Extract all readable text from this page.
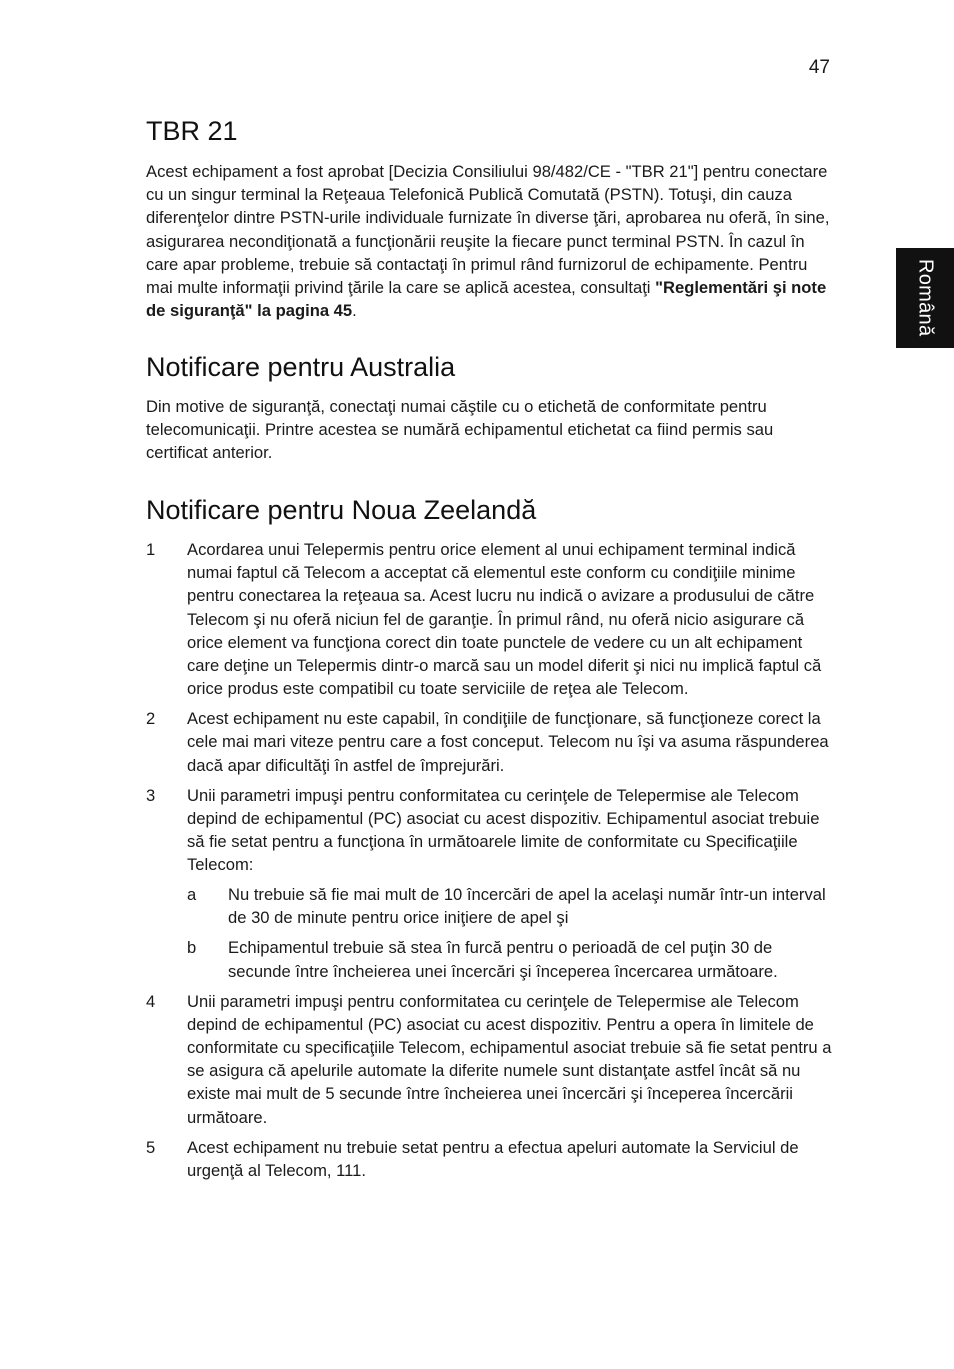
47
Română
TBR 21

Acest echipament a fost aprobat [Decizia Consiliului 98/482/CE - "TBR 21"] pentru conectare cu un singur terminal la Reţeaua Telefonică Publică Comutată (PSTN). Totuşi, din cauza diferenţelor dintre PSTN-urile individuale furnizate în diverse ţări, aprobarea nu oferă, în sine, asigurarea necondiţionată a funcţionării reuşite la fiecare punct terminal PSTN. În cazul în care apar probleme, trebuie să contactaţi în primul rând furnizorul de echipamente. Pentru mai multe informaţii privind ţările la care se aplică acestea, consultaţi "Reglementări şi note de siguranţă" la pagina 45.

Notificare pentru Australia

Din motive de siguranţă, conectaţi numai căştile cu o etichetă de conformitate pentru telecomunicaţii. Printre acestea se numără echipamentul etichetat ca fiind permis sau certificat anterior.

Notificare pentru Noua Zeelandă
1	Acordarea unui Telepermis pentru orice element al unui echipament terminal indică numai faptul că Telecom a acceptat că elementul este conform cu condiţiile minime pentru conectarea la reţeaua sa. Acest lucru nu indică o avizare a produsului de către Telecom şi nu oferă niciun fel de garanţie. În primul rând, nu oferă nicio asigurare că orice element va funcţiona corect din toate punctele de vedere cu un alt echipament care deţine un Telepermis dintr-o marcă sau un model diferit şi nici nu implică faptul că orice produs este compatibil cu toate serviciile de reţea ale Telecom.
2	Acest echipament nu este capabil, în condiţiile de funcţionare, să funcţioneze corect la cele mai mari viteze pentru care a fost conceput. Telecom nu îşi va asuma răspunderea dacă apar dificultăţi în astfel de împrejurări.
3	Unii parametri impuşi pentru conformitatea cu cerinţele de Telepermise ale Telecom depind de echipamentul (PC) asociat cu acest dispozitiv. Echipamentul asociat trebuie să fie setat pentru a funcţiona în următoarele limite de conformitate cu Specificaţiile Telecom:
a	Nu trebuie să fie mai mult de 10 încercări de apel la acelaşi număr într-un interval de 30 de minute pentru orice iniţiere de apel şi
b	Echipamentul trebuie să stea în furcă pentru o perioadă de cel puţin 30 de secunde între încheierea unei încercări şi începerea încercarea următoare.
4	Unii parametri impuşi pentru conformitatea cu cerinţele de Telepermise ale Telecom depind de echipamentul (PC) asociat cu acest dispozitiv. Pentru a opera în limitele de conformitate cu specificaţiile Telecom, echipamentul asociat trebuie să fie setat pentru a se asigura că apelurile automate la diferite numele sunt distanţate astfel încât să nu existe mai mult de 5 secunde între încheierea unei încercări şi începerea încercării următoare.
5	Acest echipament nu trebuie setat pentru a efectua apeluri automate la Serviciul de urgenţă al Telecom, 111.
